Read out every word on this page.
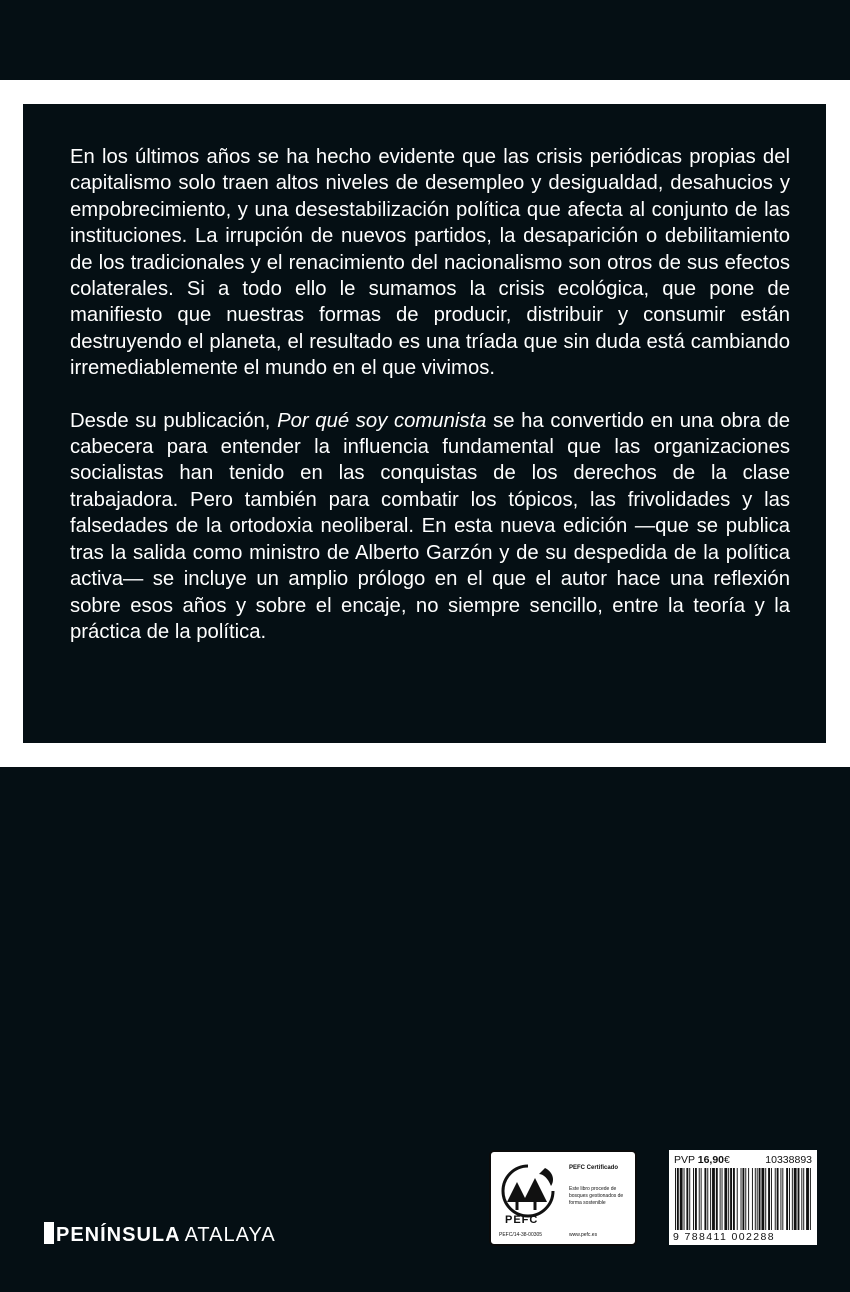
En los últimos años se ha hecho evidente que las crisis periódicas propias del capitalismo solo traen altos niveles de desempleo y desigualdad, desahucios y empobrecimiento, y una desestabilización política que afecta al conjunto de las instituciones. La irrupción de nuevos partidos, la desaparición o debilitamiento de los tradicionales y el renacimiento del nacionalismo son otros de sus efectos colaterales. Si a todo ello le sumamos la crisis ecológica, que pone de manifiesto que nuestras formas de producir, distribuir y consumir están destruyendo el planeta, el resultado es una tríada que sin duda está cambiando irremediablemente el mundo en el que vivimos.

Desde su publicación, Por qué soy comunista se ha convertido en una obra de cabecera para entender la influencia fundamental que las organizaciones socialistas han tenido en las conquistas de los derechos de la clase trabajadora. Pero también para combatir los tópicos, las frivolidades y las falsedades de la ortodoxia neoliberal. En esta nueva edición —que se publica tras la salida como ministro de Alberto Garzón y de su despedida de la política activa— se incluye un amplio prólogo en el que el autor hace una reflexión sobre esos años y sobre el encaje, no siempre sencillo, entre la teoría y la práctica de la política.

PENÍNSULA ATALAYA
PEFC
PEFC Certificado
Este libro procede de bosques gestionados de forma sostenible
PEFC/14-38-00305	www.pefc.es
PVP 16,90€	10338893
9 788411 002288
